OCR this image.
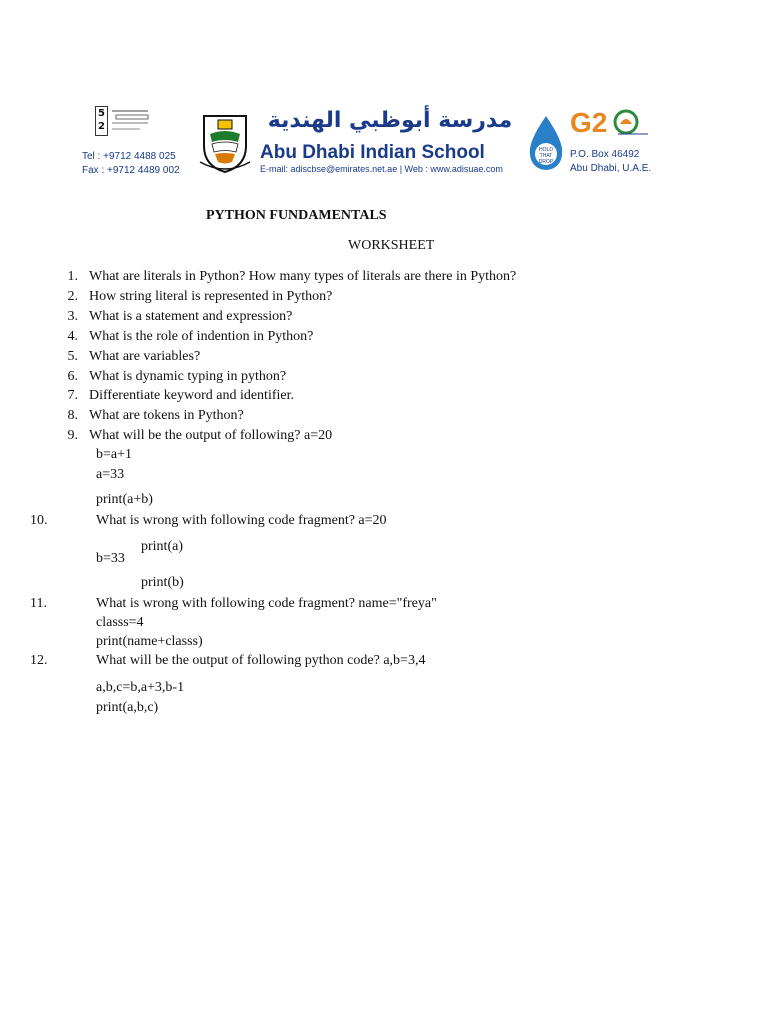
5
2
Tel : +9712 4488 025
Fax : +9712 4489 002
مدرسة أبوظبي الهندية
Abu Dhabi Indian School
E-mail: adiscbse@emirates.net.ae | Web : www.adisuae.com
HOLD
THAT
DROP
G2
P.O. Box 46492
Abu Dhabi, U.A.E.
PYTHON FUNDAMENTALS
WORKSHEET
1. What are literals in Python? How many types of literals are there in Python?
2. How string literal is represented in Python?
3. What is a statement and expression?
4. What is the role of indention in Python?
5. What are variables?
6. What is dynamic typing in python?
7. Differentiate keyword and identifier.
8. What are tokens in Python?
9. What will be the output of following? a=20
b=a+1
a=33
print(a+b)
10.	What is wrong with following code fragment? a=20
print(a)
b=33
print(b)
11.	What is wrong with following code fragment? name="freya"
classs=4
print(name+classs)
12.	What will be the output of following python code? a,b=3,4
a,b,c=b,a+3,b-1
print(a,b,c)
